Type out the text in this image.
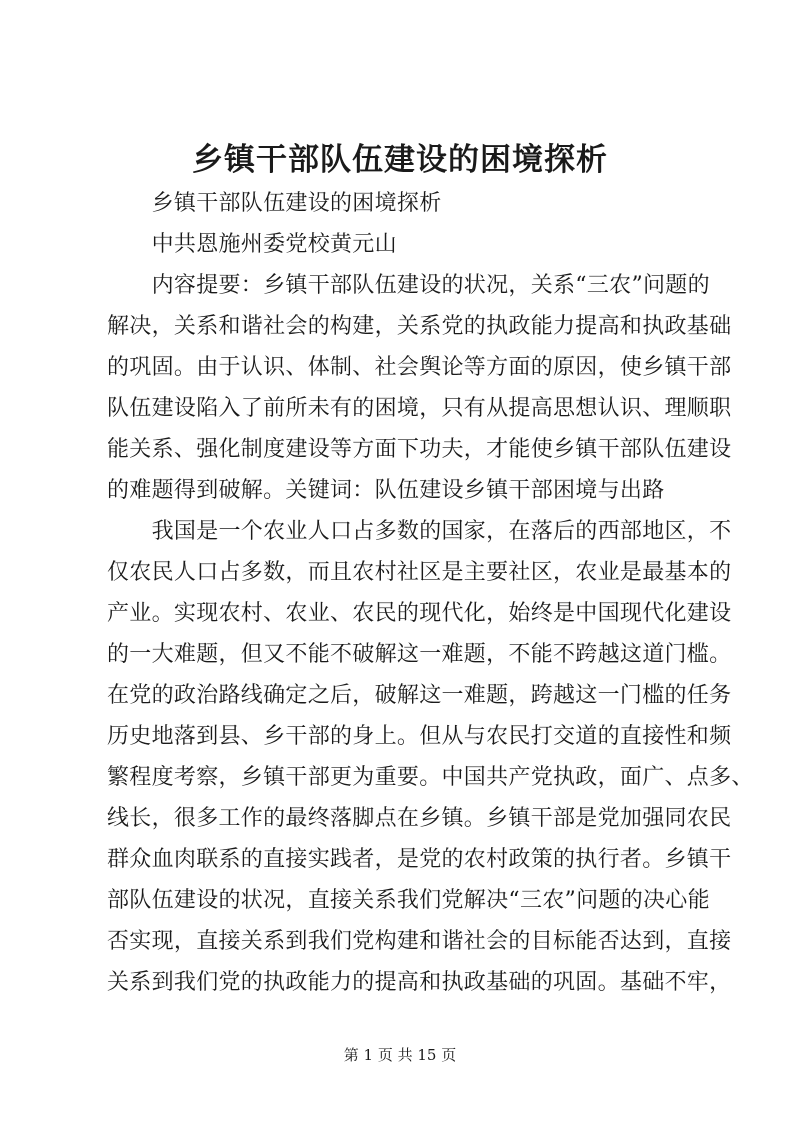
乡镇干部队伍建设的困境探析
　　乡镇干部队伍建设的困境探析
　　中共恩施州委党校黄元山
　　内容提要：乡镇干部队伍建设的状况，关系“三农”问题的
解决，关系和谐社会的构建，关系党的执政能力提高和执政基础
的巩固。由于认识、体制、社会舆论等方面的原因，使乡镇干部
队伍建设陷入了前所未有的困境，只有从提高思想认识、理顺职
能关系、强化制度建设等方面下功夫，才能使乡镇干部队伍建设
的难题得到破解。关键词：队伍建设乡镇干部困境与出路
　　我国是一个农业人口占多数的国家，在落后的西部地区，不
仅农民人口占多数，而且农村社区是主要社区，农业是最基本的
产业。实现农村、农业、农民的现代化，始终是中国现代化建设
的一大难题，但又不能不破解这一难题，不能不跨越这道门槛。
在党的政治路线确定之后，破解这一难题，跨越这一门槛的任务
历史地落到县、乡干部的身上。但从与农民打交道的直接性和频
繁程度考察，乡镇干部更为重要。中国共产党执政，面广、点多、
线长，很多工作的最终落脚点在乡镇。乡镇干部是党加强同农民
群众血肉联系的直接实践者，是党的农村政策的执行者。乡镇干
部队伍建设的状况，直接关系我们党解决“三农”问题的决心能
否实现，直接关系到我们党构建和谐社会的目标能否达到，直接
关系到我们党的执政能力的提高和执政基础的巩固。基础不牢，
第 1 页 共 15 页
